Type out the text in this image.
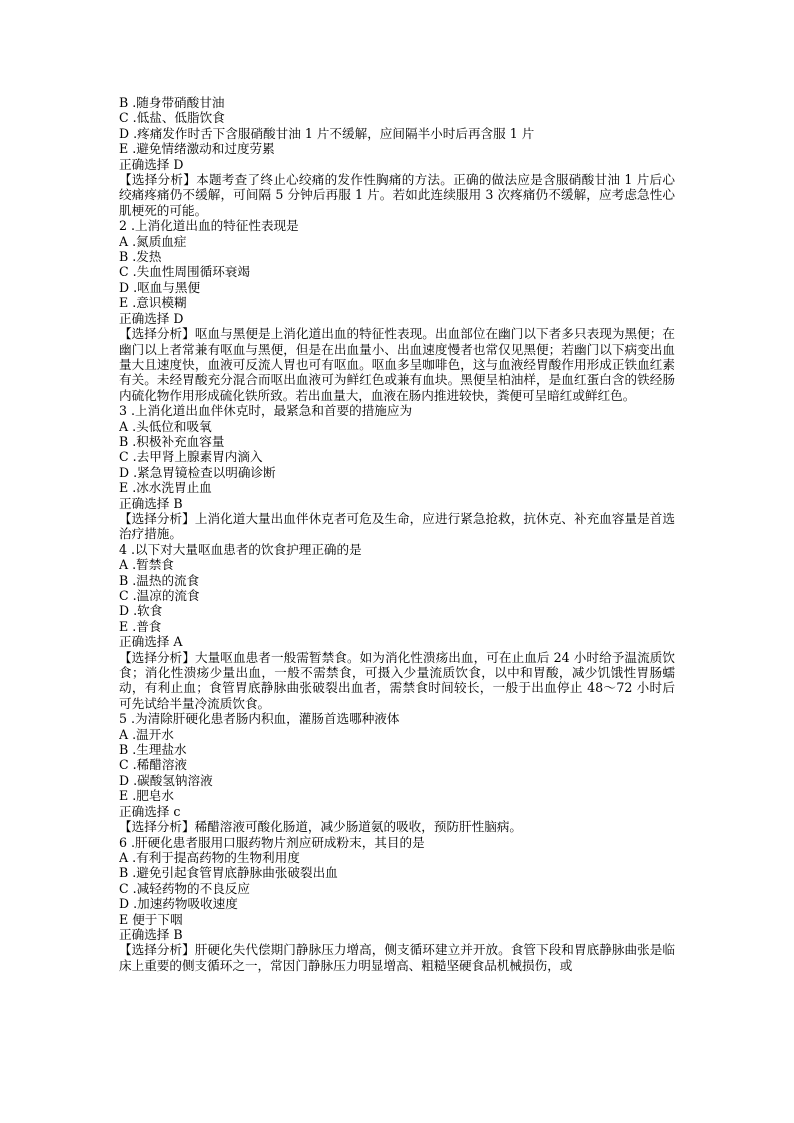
B .随身带硝酸甘油
C .低盐、低脂饮食
D .疼痛发作时舌下含服硝酸甘油 1 片不缓解，应间隔半小时后再含服 1 片
E .避免情绪激动和过度劳累
正确选择 D
【选择分析】本题考查了终止心绞痛的发作性胸痛的方法。正确的做法应是含服硝酸甘油 1 片后心绞痛疼痛仍不缓解，可间隔 5 分钟后再服 1 片。若如此连续服用 3 次疼痛仍不缓解，应考虑急性心肌梗死的可能。
2 .上消化道出血的特征性表现是
A .氮质血症
B .发热
C .失血性周围循环衰竭
D .呕血与黑便
E .意识模糊
正确选择 D
【选择分析】呕血与黑便是上消化道出血的特征性表现。出血部位在幽门以下者多只表现为黑便；在幽门以上者常兼有呕血与黑便，但是在出血量小、出血速度慢者也常仅见黑便；若幽门以下病变出血量大且速度快，血液可反流人胃也可有呕血。呕血多呈咖啡色，这与血液经胃酸作用形成正铁血红素有关。未经胃酸充分混合而呕出血液可为鲜红色或兼有血块。黑便呈柏油样，是血红蛋白含的铁经肠内硫化物作用形成硫化铁所致。若出血量大，血液在肠内推进较快，粪便可呈暗红或鲜红色。
3 .上消化道出血伴休克时，最紧急和首要的措施应为
A .头低位和吸氧
B .积极补充血容量
C .去甲肾上腺素胃内滴入
D .紧急胃镜检查以明确诊断
E .冰水洗胃止血
正确选择 B
【选择分析】上消化道大量出血伴休克者可危及生命，应进行紧急抢救，抗休克、补充血容量是首选治疗措施。
4 .以下对大量呕血患者的饮食护理正确的是
A .暂禁食
B .温热的流食
C .温凉的流食
D .软食
E .普食
正确选择 A
【选择分析】大量呕血患者一般需暂禁食。如为消化性溃疡出血，可在止血后 24 小时给予温流质饮食；消化性溃疡少量出血，一般不需禁食，可摄入少量流质饮食，以中和胃酸，减少饥饿性胃肠蠕动，有利止血；食管胃底静脉曲张破裂出血者，需禁食时间较长，一般于出血停止 48～72 小时后可先试给半量冷流质饮食。
5 .为清除肝硬化患者肠内积血，灌肠首选哪种液体
A .温开水
B .生理盐水
C .稀醋溶液
D .碳酸氢钠溶液
E .肥皂水
正确选择 c
【选择分析】稀醋溶液可酸化肠道，减少肠道氨的吸收，预防肝性脑病。
6 .肝硬化患者服用口服药物片剂应研成粉末，其目的是
A .有利于提高药物的生物利用度
B .避免引起食管胃底静脉曲张破裂出血
C .减轻药物的不良反应
D .加速药物吸收速度
E 便于下咽
正确选择 B
【选择分析】肝硬化失代偿期门静脉压力增高，侧支循环建立并开放。食管下段和胃底静脉曲张是临床上重要的侧支循环之一，常因门静脉压力明显增高、粗糙坚硬食品机械损伤，或
